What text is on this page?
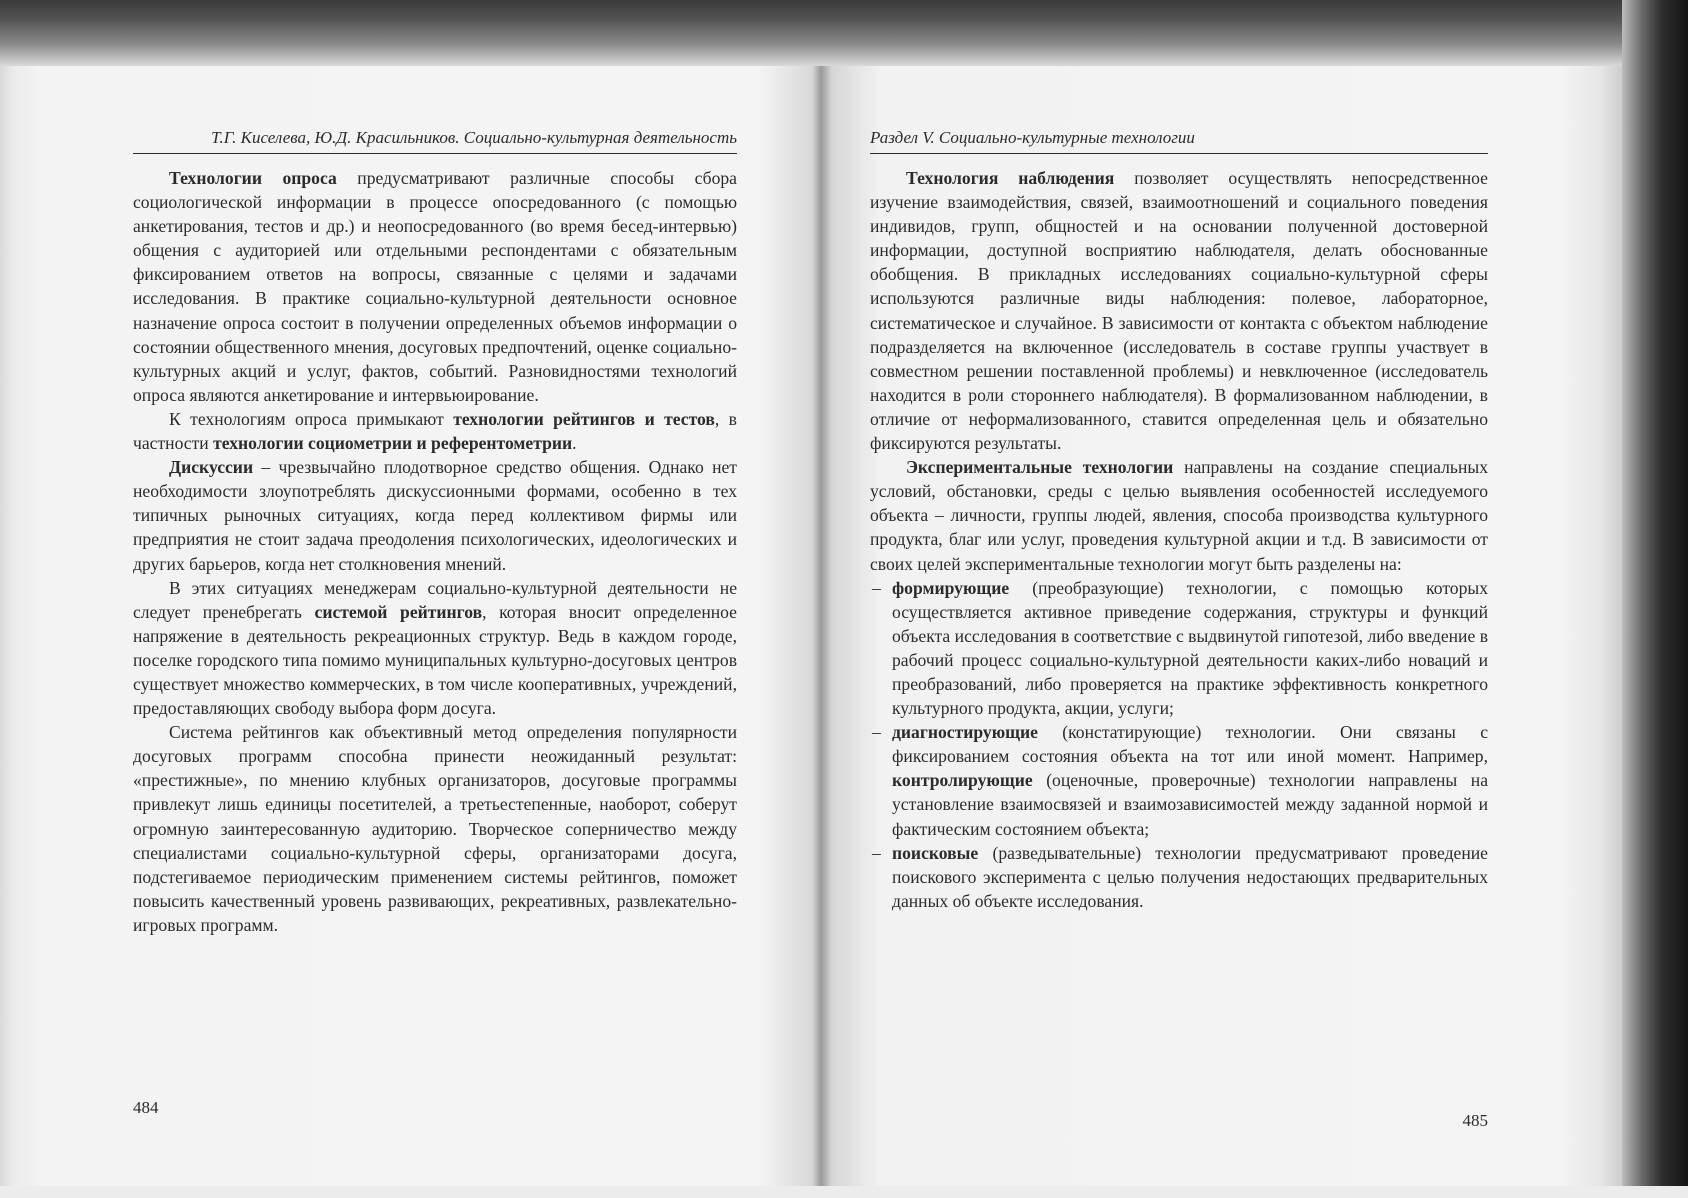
Т.Г. Киселева, Ю.Д. Красильников. Социально-культурная деятельность

Технологии опроса предусматривают различные способы сбора социологической информации в процессе опосредованного (с помощью анкетирования, тестов и др.) и неопосредованного (во время бесед-интервью) общения с аудиторией или отдельными респондентами с обязательным фиксированием ответов на вопросы, связанные с целями и задачами исследования. В практике социально-культурной деятельности основное назначение опроса состоит в получении определенных объемов информации о состоянии общественного мнения, досуговых предпочтений, оценке социально-культурных акций и услуг, фактов, событий. Разновидностями технологий опроса являются анкетирование и интервьюирование.

К технологиям опроса примыкают технологии рейтингов и тестов, в частности технологии социометрии и референтометрии.

Дискуссии – чрезвычайно плодотворное средство общения. Однако нет необходимости злоупотреблять дискуссионными формами, особенно в тех типичных рыночных ситуациях, когда перед коллективом фирмы или предприятия не стоит задача преодоления психологических, идеологических и других барьеров, когда нет столкновения мнений.

В этих ситуациях менеджерам социально-культурной деятельности не следует пренебрегать системой рейтингов, которая вносит определенное напряжение в деятельность рекреационных структур. Ведь в каждом городе, поселке городского типа помимо муниципальных культурно-досуговых центров существует множество коммерческих, в том числе кооперативных, учреждений, предоставляющих свободу выбора форм досуга.

Система рейтингов как объективный метод определения популярности досуговых программ способна принести неожиданный результат: «престижные», по мнению клубных организаторов, досуговые программы привлекут лишь единицы посетителей, а третьестепенные, наоборот, соберут огромную заинтересованную аудиторию. Творческое соперничество между специалистами социально-культурной сферы, организаторами досуга, подстегиваемое периодическим применением системы рейтингов, поможет повысить качественный уровень развивающих, рекреативных, развлекательно-игровых программ.

484
Раздел V. Социально-культурные технологии

Технология наблюдения позволяет осуществлять непосредственное изучение взаимодействия, связей, взаимоотношений и социального поведения индивидов, групп, общностей и на основании полученной достоверной информации, доступной восприятию наблюдателя, делать обоснованные обобщения. В прикладных исследованиях социально-культурной сферы используются различные виды наблюдения: полевое, лабораторное, систематическое и случайное. В зависимости от контакта с объектом наблюдение подразделяется на включенное (исследователь в составе группы участвует в совместном решении поставленной проблемы) и невключенное (исследователь находится в роли стороннего наблюдателя). В формализованном наблюдении, в отличие от неформализованного, ставится определенная цель и обязательно фиксируются результаты.

Экспериментальные технологии направлены на создание специальных условий, обстановки, среды с целью выявления особенностей исследуемого объекта – личности, группы людей, явления, способа производства культурного продукта, благ или услуг, проведения культурной акции и т.д. В зависимости от своих целей экспериментальные технологии могут быть разделены на:

– формирующие (преобразующие) технологии, с помощью которых осуществляется активное приведение содержания, структуры и функций объекта исследования в соответствие с выдвинутой гипотезой, либо введение в рабочий процесс социально-культурной деятельности каких-либо новаций и преобразований, либо проверяется на практике эффективность конкретного культурного продукта, акции, услуги;
– диагностирующие (констатирующие) технологии. Они связаны с фиксированием состояния объекта на тот или иной момент. Например, контролирующие (оценочные, проверочные) технологии направлены на установление взаимосвязей и взаимозависимостей между заданной нормой и фактическим состоянием объекта;
– поисковые (разведывательные) технологии предусматривают проведение поискового эксперимента с целью получения недостающих предварительных данных об объекте исследования.
485
